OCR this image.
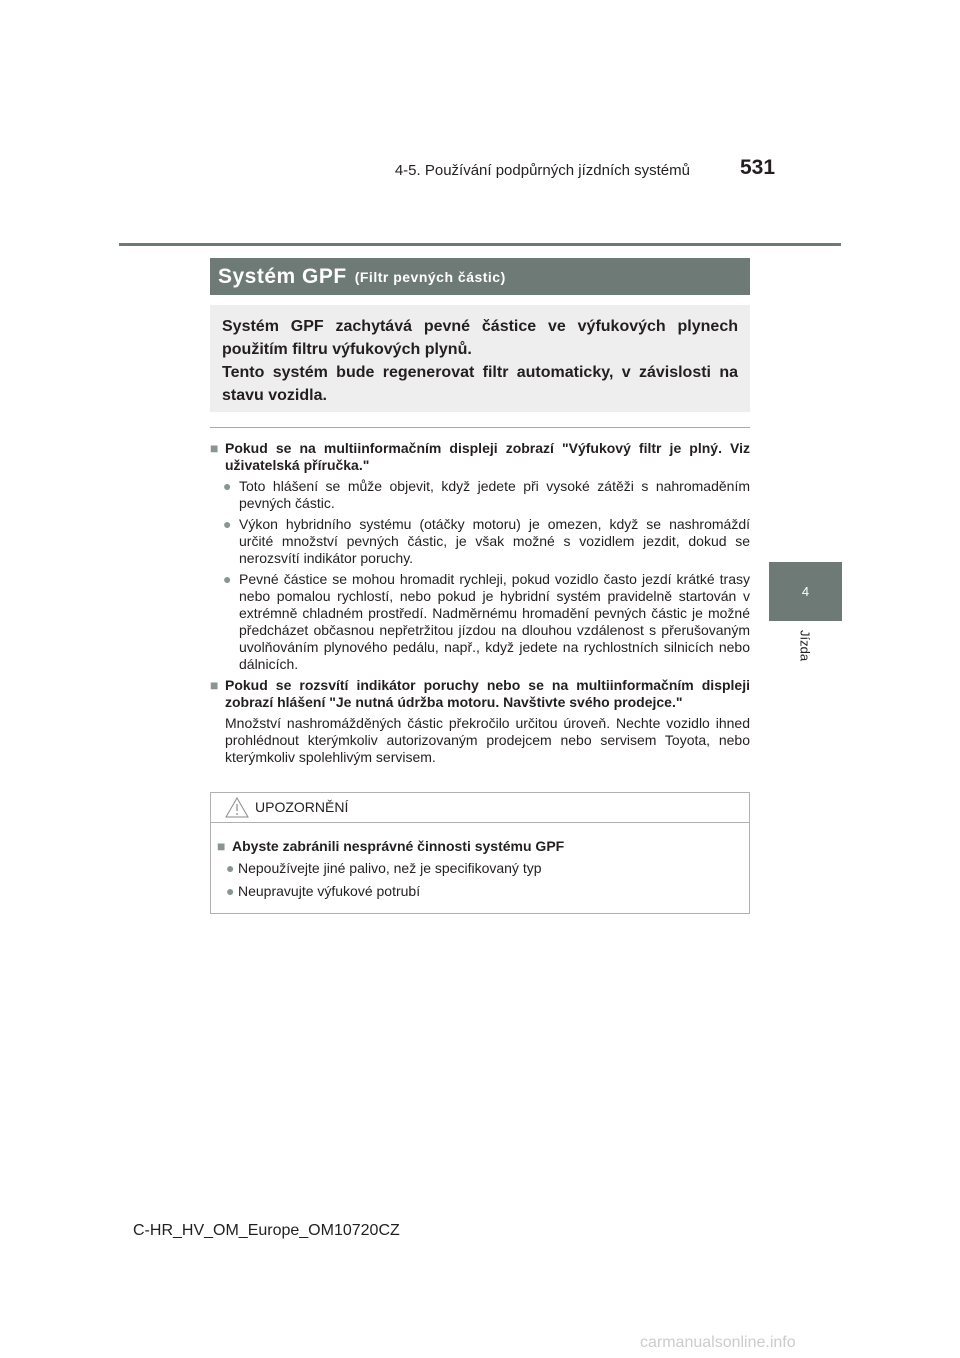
4-5. Používání podpůrných jízdních systémů 531
4
Jízda
Systém GPF (Filtr pevných částic)

Systém GPF zachytává pevné částice ve výfukových plynech použitím filtru výfukových plynů.

Tento systém bude regenerovat filtr automaticky, v závislosti na stavu vozidla.

■ Pokud se na multiinformačním displeji zobrazí "Výfukový filtr je plný. Viz uživatelská příručka."
● Toto hlášení se může objevit, když jedete při vysoké zátěži s nahromaděním pevných částic.
● Výkon hybridního systému (otáčky motoru) je omezen, když se nashromáždí určité množství pevných částic, je však možné s vozidlem jezdit, dokud se nerozsvítí indikátor poruchy.
● Pevné částice se mohou hromadit rychleji, pokud vozidlo často jezdí krátké trasy nebo pomalou rychlostí, nebo pokud je hybridní systém pravidelně startován v extrémně chladném prostředí. Nadměrnému hromadění pevných částic je možné předcházet občasnou nepřetržitou jízdou na dlouhou vzdálenost s přerušovaným uvolňováním plynového pedálu, např., když jedete na rychlostních silnicích nebo dálnicích.
■ Pokud se rozsvítí indikátor poruchy nebo se na multiinformačním displeji zobrazí hlášení "Je nutná údržba motoru. Navštivte svého prodejce."
Množství nashromážděných částic překročilo určitou úroveň. Nechte vozidlo ihned prohlédnout kterýmkoliv autorizovaným prodejcem nebo servisem Toyota, nebo kterýmkoliv spolehlivým servisem.
UPOZORNĚNÍ
■ Abyste zabránili nesprávné činnosti systému GPF
● Nepoužívejte jiné palivo, než je specifikovaný typ
● Neupravujte výfukové potrubí
C-HR_HV_OM_Europe_OM10720CZ
carmanualsonline.info
